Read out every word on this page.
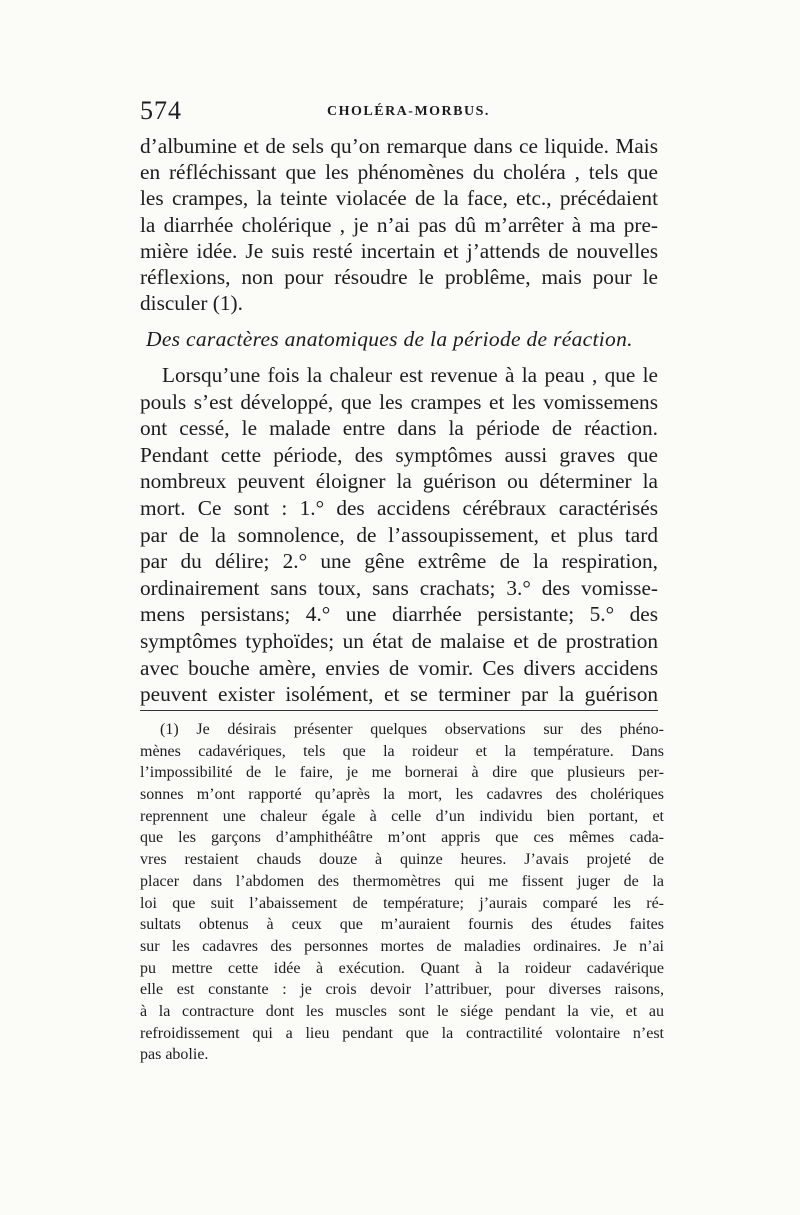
574	CHOLÉRA-MORBUS.
d’albumine et de sels qu’on remarque dans ce liquide. Mais
en réfléchissant que les phénomènes du choléra , tels que
les crampes, la teinte violacée de la face, etc., précédaient
la diarrhée cholérique , je n’ai pas dû m’arrêter à ma pre-
mière idée. Je suis resté incertain et j’attends de nouvelles
réflexions, non pour résoudre le problême, mais pour le
disculer (1).
Des caractères anatomiques de la période de réaction.
Lorsqu’une fois la chaleur est revenue à la peau , que le
pouls s’est développé, que les crampes et les vomissemens
ont cessé, le malade entre dans la période de réaction.
Pendant cette période, des symptômes aussi graves que
nombreux peuvent éloigner la guérison ou déterminer la
mort. Ce sont : 1.° des accidens cérébraux caractérisés
par de la somnolence, de l’assoupissement, et plus tard
par du délire; 2.° une gêne extrême de la respiration,
ordinairement sans toux, sans crachats; 3.° des vomisse-
mens persistans; 4.° une diarrhée persistante; 5.° des
symptômes typhoïdes; un état de malaise et de prostration
avec bouche amère, envies de vomir. Ces divers accidens
peuvent exister isolément, et se terminer par la guérison
(1) Je désirais présenter quelques observations sur des phéno-
mènes cadavériques, tels que la roideur et la température. Dans
l’impossibilité de le faire, je me bornerai à dire que plusieurs per-
sonnes m’ont rapporté qu’après la mort, les cadavres des cholériques
reprennent une chaleur égale à celle d’un individu bien portant, et
que les garçons d’amphithéâtre m’ont appris que ces mêmes cada-
vres restaient chauds douze à quinze heures. J’avais projeté de
placer dans l’abdomen des thermomètres qui me fissent juger de la
loi que suit l’abaissement de température; j’aurais comparé les ré-
sultats obtenus à ceux que m’auraient fournis des études faites
sur les cadavres des personnes mortes de maladies ordinaires. Je n’ai
pu mettre cette idée à exécution. Quant à la roideur cadavérique
elle est constante : je crois devoir l’attribuer, pour diverses raisons,
à la contracture dont les muscles sont le siége pendant la vie, et au
refroidissement qui a lieu pendant que la contractilité volontaire n’est
pas abolie.
